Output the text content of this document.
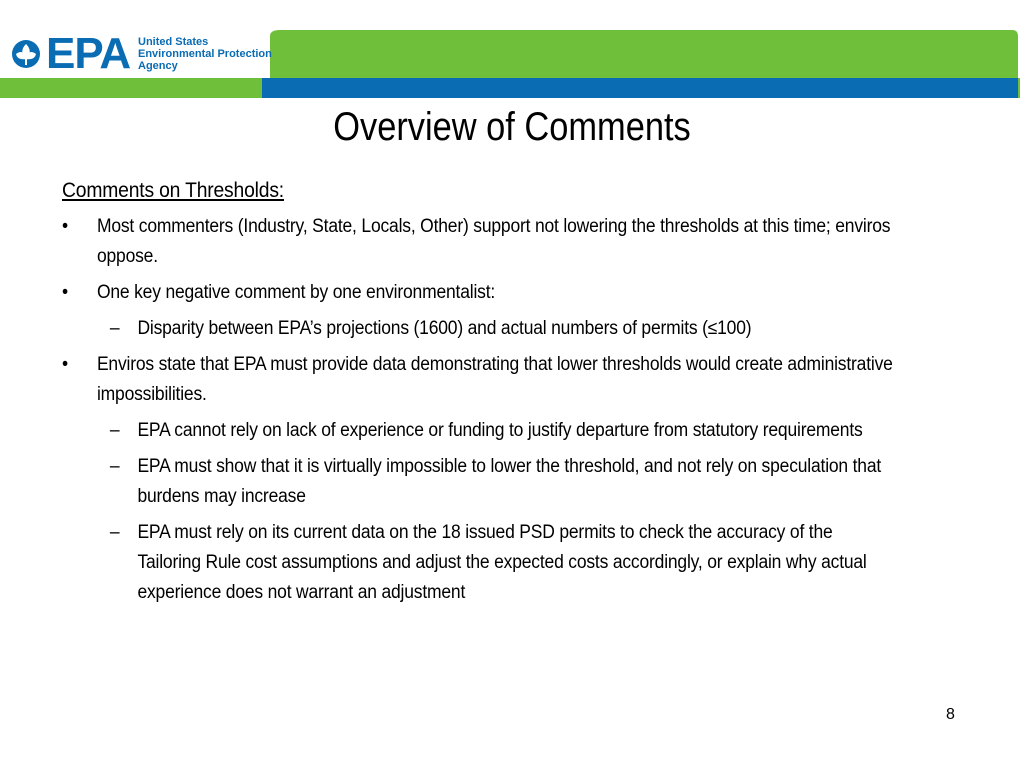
EPA United States
Environmental Protection
Agency
Overview of Comments
Comments on Thresholds:
• Most commenters (Industry, State, Locals, Other) support not lowering the thresholds at this time; enviros oppose.
• One key negative comment by one environmentalist:
– Disparity between EPA’s projections (1600) and actual numbers of permits (≤100)
• Enviros state that EPA must provide data demonstrating that lower thresholds would create administrative impossibilities.
– EPA cannot rely on lack of experience or funding to justify departure from statutory requirements
– EPA must show that it is virtually impossible to lower the threshold, and not rely on speculation that burdens may increase
– EPA must rely on its current data on the 18 issued PSD permits to check the accuracy of the Tailoring Rule cost assumptions and adjust the expected costs accordingly, or explain why actual experience does not warrant an adjustment
8
